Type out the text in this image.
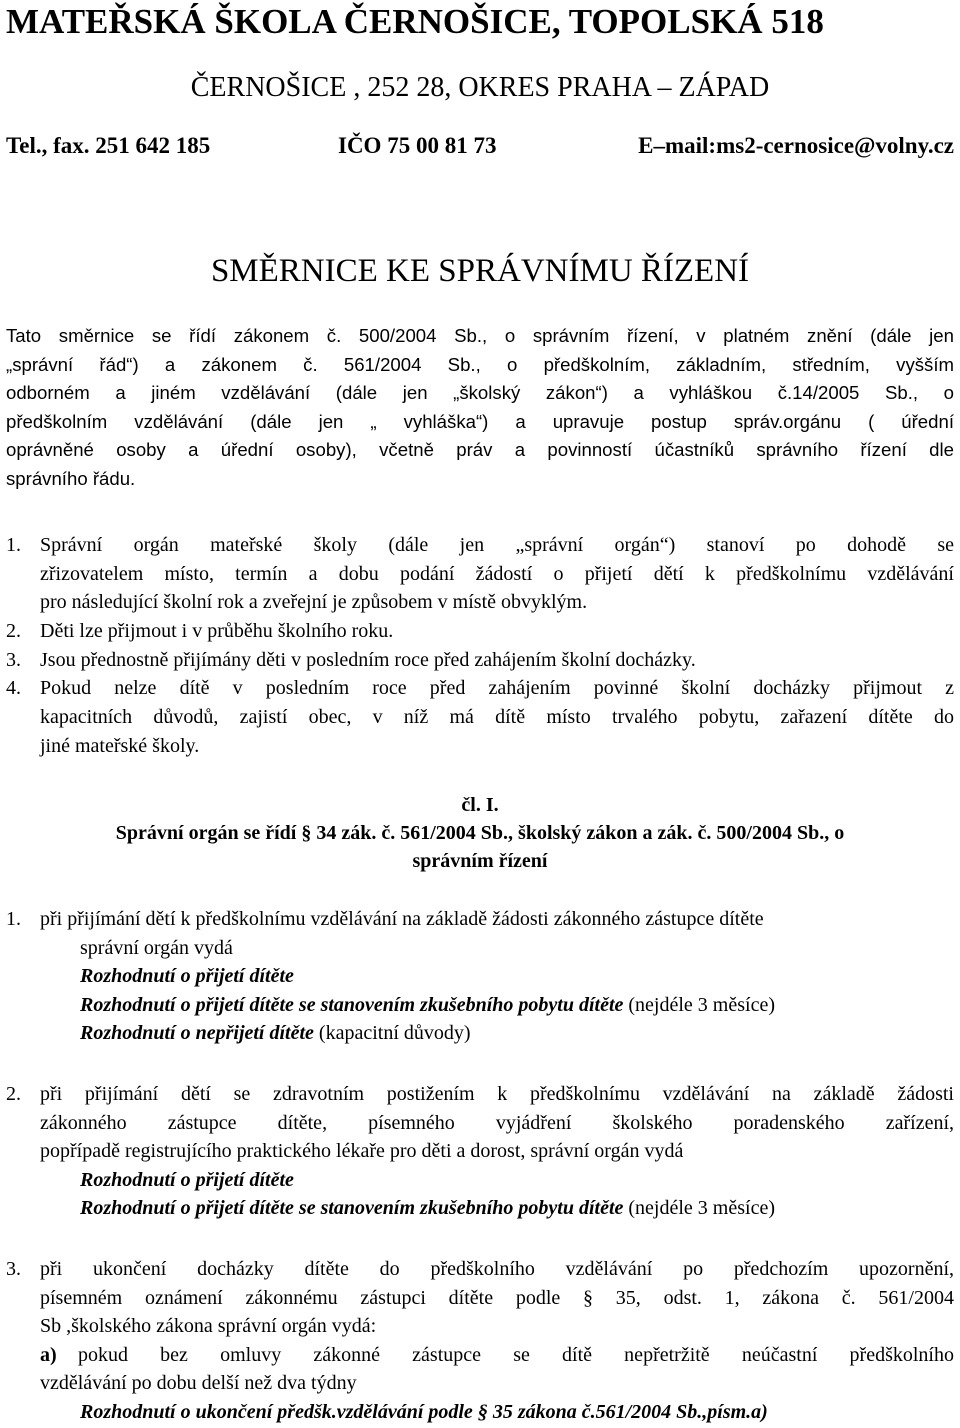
MATEŘSKÁ ŠKOLA ČERNOŠICE, TOPOLSKÁ 518
ČERNOŠICE , 252 28, OKRES PRAHA – ZÁPAD
Tel., fax. 251 642 185	IČO 75 00 81 73	E–mail:ms2-cernosice@volny.cz
SMĚRNICE KE SPRÁVNÍMU ŘÍZENÍ
Tato směrnice se řídí zákonem č. 500/2004 Sb., o správním řízení, v platném znění (dále jen
„správní řád“) a zákonem č. 561/2004 Sb., o předškolním, základním, středním, vyšším
odborném a jiném vzdělávání (dále jen „školský zákon“) a vyhláškou č.14/2005 Sb., o
předškolním vzdělávání (dále jen „ vyhláška“) a upravuje postup správ.orgánu ( úřední
oprávněné osoby a úřední osoby), včetně práv a povinností účastníků správního řízení dle
správního řádu.
1. Správní orgán mateřské školy (dále jen „správní orgán“) stanoví po dohodě se
zřizovatelem místo, termín a dobu podání žádostí o přijetí dětí k předškolnímu vzdělávání
pro následující školní rok a zveřejní je způsobem v místě obvyklým.
2. Děti lze přijmout i v průběhu školního roku.
3. Jsou přednostně přijímány děti v posledním roce před zahájením školní docházky.
4. Pokud nelze dítě v posledním roce před zahájením povinné školní docházky přijmout z
kapacitních důvodů, zajistí obec, v níž má dítě místo trvalého pobytu, zařazení dítěte do
jiné mateřské školy.
čl. I.
Správní orgán se řídí § 34 zák. č. 561/2004 Sb., školský zákon a zák. č. 500/2004 Sb., o
správním řízení
1. při přijímání dětí k předškolnímu vzdělávání na základě žádosti zákonného zástupce dítěte
správní orgán vydá
Rozhodnutí o přijetí dítěte
Rozhodnutí o přijetí dítěte se stanovením zkušebního pobytu dítěte (nejdéle 3 měsíce)
Rozhodnutí o nepřijetí dítěte (kapacitní důvody)
2. při přijímání dětí se zdravotním postižením k předškolnímu vzdělávání na základě žádosti
zákonného zástupce dítěte, písemného vyjádření školského poradenského zařízení,
popřípadě registrujícího praktického lékaře pro děti a dorost, správní orgán vydá
Rozhodnutí o přijetí dítěte
Rozhodnutí o přijetí dítěte se stanovením zkušebního pobytu dítěte (nejdéle 3 měsíce)
3. při ukončení docházky dítěte do předškolního vzdělávání po předchozím upozornění,
písemném oznámení zákonnému zástupci dítěte podle § 35, odst. 1, zákona č. 561/2004
Sb ,školského zákona správní orgán vydá:
a) pokud bez omluvy zákonné zástupce se dítě nepřetržitě neúčastní předškolního
vzdělávání po dobu delší než dva týdny
Rozhodnutí o ukončení předšk.vzdělávání podle § 35 zákona č.561/2004 Sb.,písm.a)
